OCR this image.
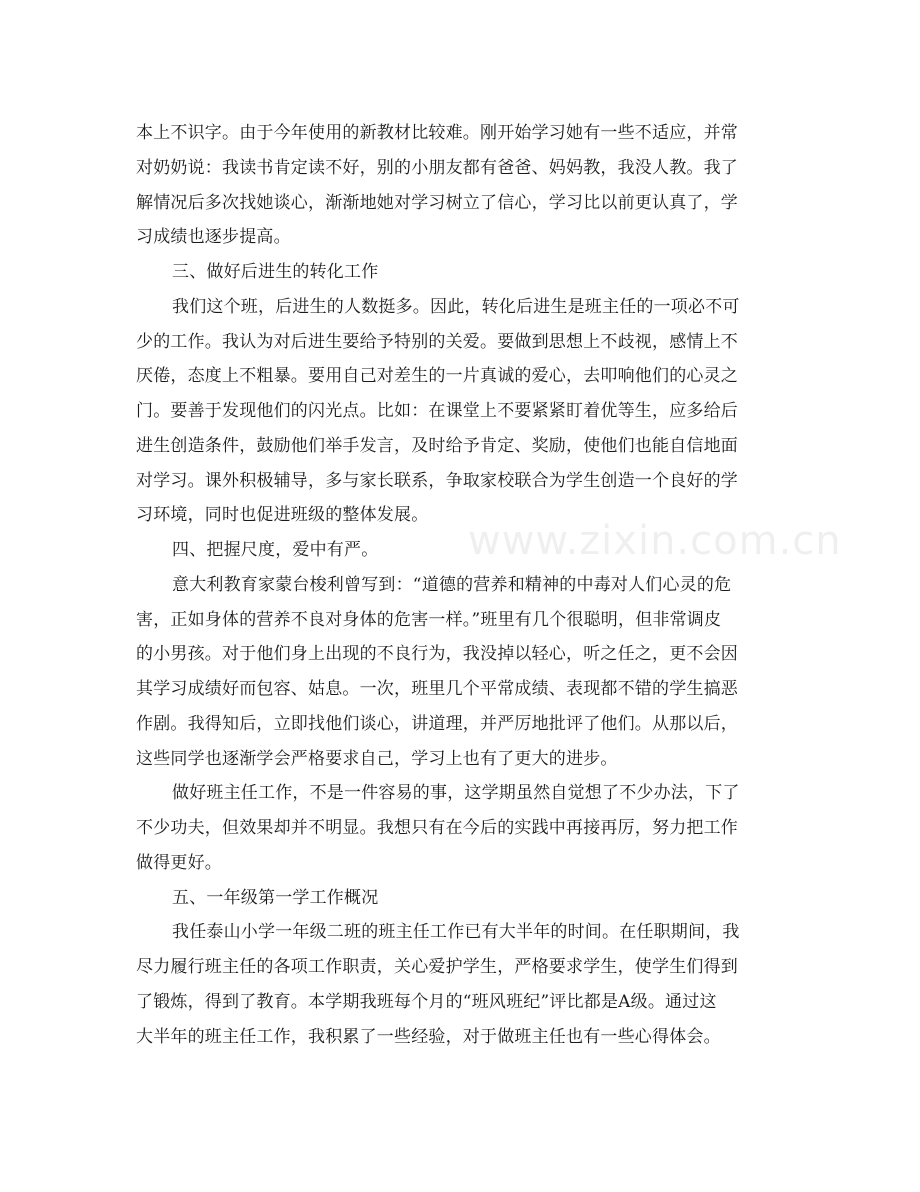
本上不识字。由于今年使用的新教材比较难。刚开始学习她有一些不适应，并常
对奶奶说：我读书肯定读不好，别的小朋友都有爸爸、妈妈教，我没人教。我了
解情况后多次找她谈心，渐渐地她对学习树立了信心，学习比以前更认真了，学
习成绩也逐步提高。
三、做好后进生的转化工作
我们这个班，后进生的人数挺多。因此，转化后进生是班主任的一项必不可
少的工作。我认为对后进生要给予特别的关爱。要做到思想上不歧视，感情上不
厌倦，态度上不粗暴。要用自己对差生的一片真诚的爱心，去叩响他们的心灵之
门。要善于发现他们的闪光点。比如：在课堂上不要紧紧盯着优等生，应多给后
进生创造条件，鼓励他们举手发言，及时给予肯定、奖励，使他们也能自信地面
对学习。课外积极辅导，多与家长联系，争取家校联合为学生创造一个良好的学
习环境，同时也促进班级的整体发展。
四、把握尺度，爱中有严。
意大利教育家蒙台梭利曾写到：“道德的营养和精神的中毒对人们心灵的危
害，正如身体的营养不良对身体的危害一样。”班里有几个很聪明，但非常调皮
的小男孩。对于他们身上出现的不良行为，我没掉以轻心，听之任之，更不会因
其学习成绩好而包容、姑息。一次，班里几个平常成绩、表现都不错的学生搞恶
作剧。我得知后，立即找他们谈心，讲道理，并严厉地批评了他们。从那以后，
这些同学也逐渐学会严格要求自己，学习上也有了更大的进步。
做好班主任工作，不是一件容易的事，这学期虽然自觉想了不少办法，下了
不少功夫，但效果却并不明显。我想只有在今后的实践中再接再厉，努力把工作
做得更好。
五、一年级第一学工作概况
我任泰山小学一年级二班的班主任工作已有大半年的时间。在任职期间，我
尽力履行班主任的各项工作职责，关心爱护学生，严格要求学生，使学生们得到
了锻炼，得到了教育。本学期我班每个月的“班风班纪”评比都是A级。通过这
大半年的班主任工作，我积累了一些经验，对于做班主任也有一些心得体会。
www.zixin.com.cn
